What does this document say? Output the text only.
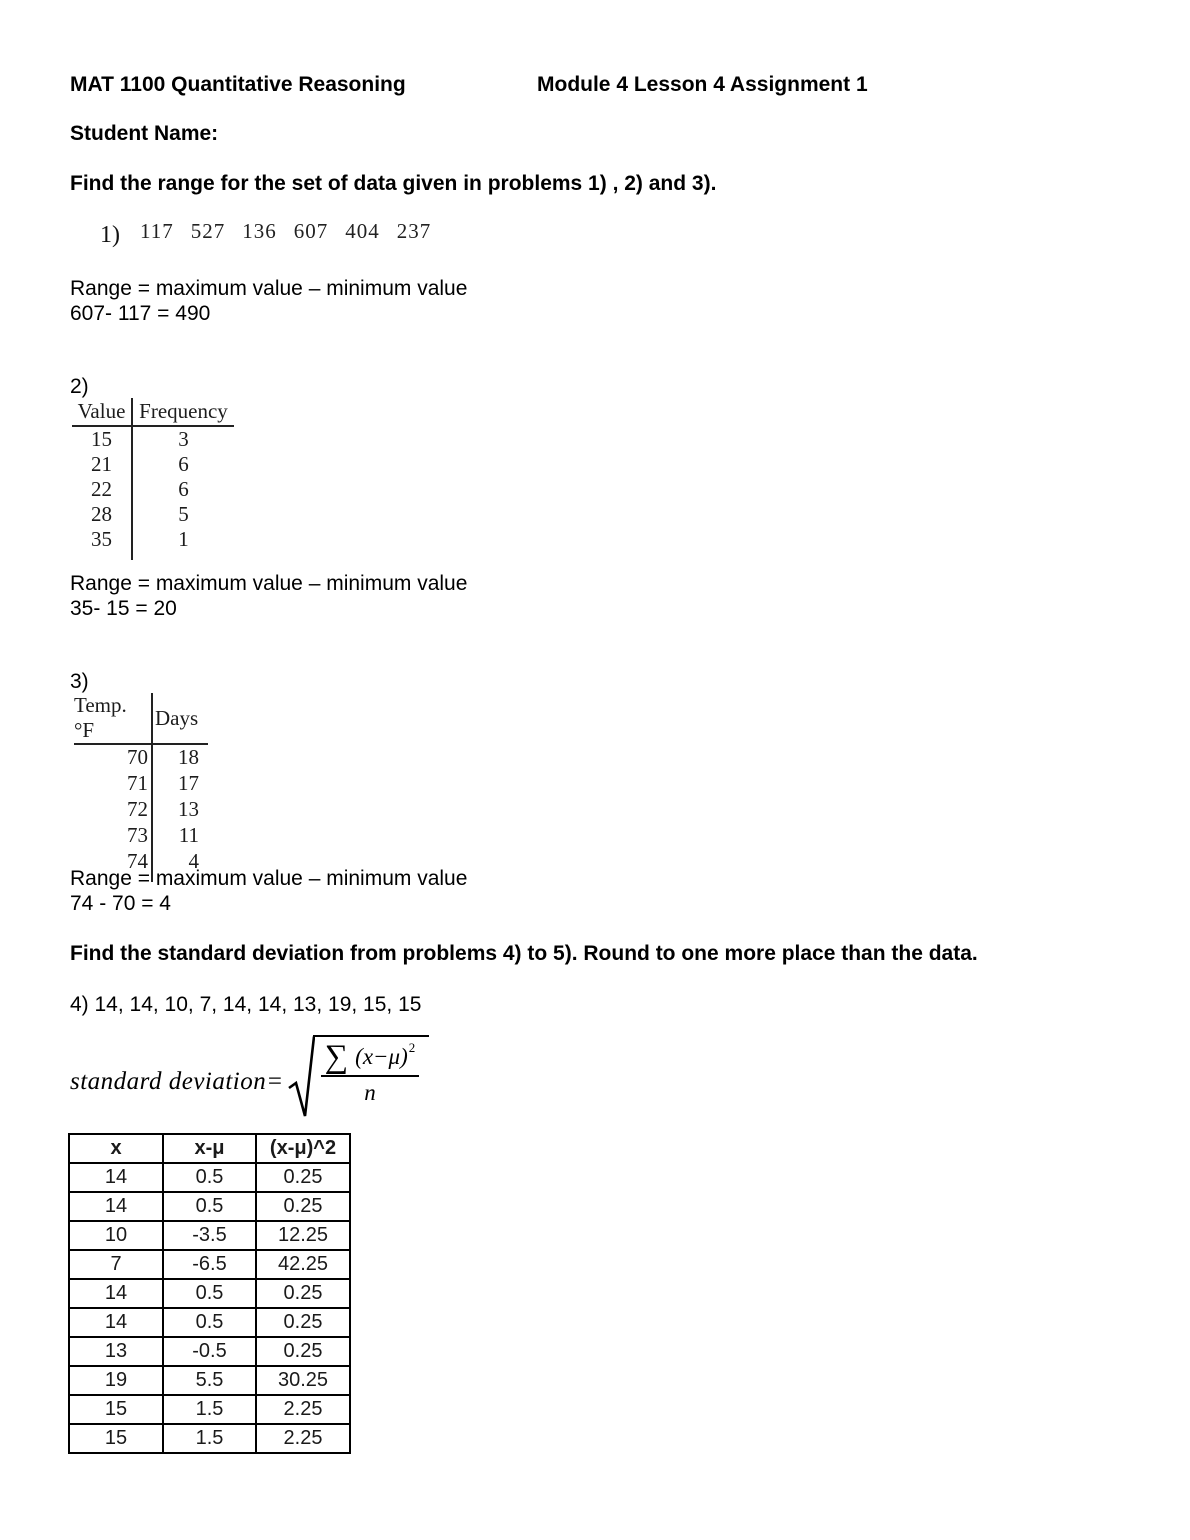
MAT 1100 Quantitative Reasoning	Module 4 Lesson 4 Assignment 1
Student Name:
Find the range for the set of data given in problems 1) , 2) and 3).
1) 117 527 136 607 404 237
Range = maximum value – minimum value
607- 117 = 490
2)
Value	Frequency
15	3
21	6
22	6
28	5
35	1

Range = maximum value – minimum value
35- 15 = 20
3)
Temp. °F	Days
70	18
71	17
72	13
73	11
74	4

Range = maximum value – minimum value
74 - 70 = 4
Find the standard deviation from problems 4) to 5). Round to one more place than the data.
4) 14, 14, 10, 7, 14, 14, 13, 19, 15, 15
standard deviation= $\frac{\sum (x-\mu) 2}{n}$
x	x-μ	(x-μ)^2
14	0.5	0.25
14	0.5	0.25
10	-3.5	12.25
7	-6.5	42.25
14	0.5	0.25
14	0.5	0.25
13	-0.5	0.25
19	5.5	30.25
15	1.5	2.25
15	1.5	2.25
